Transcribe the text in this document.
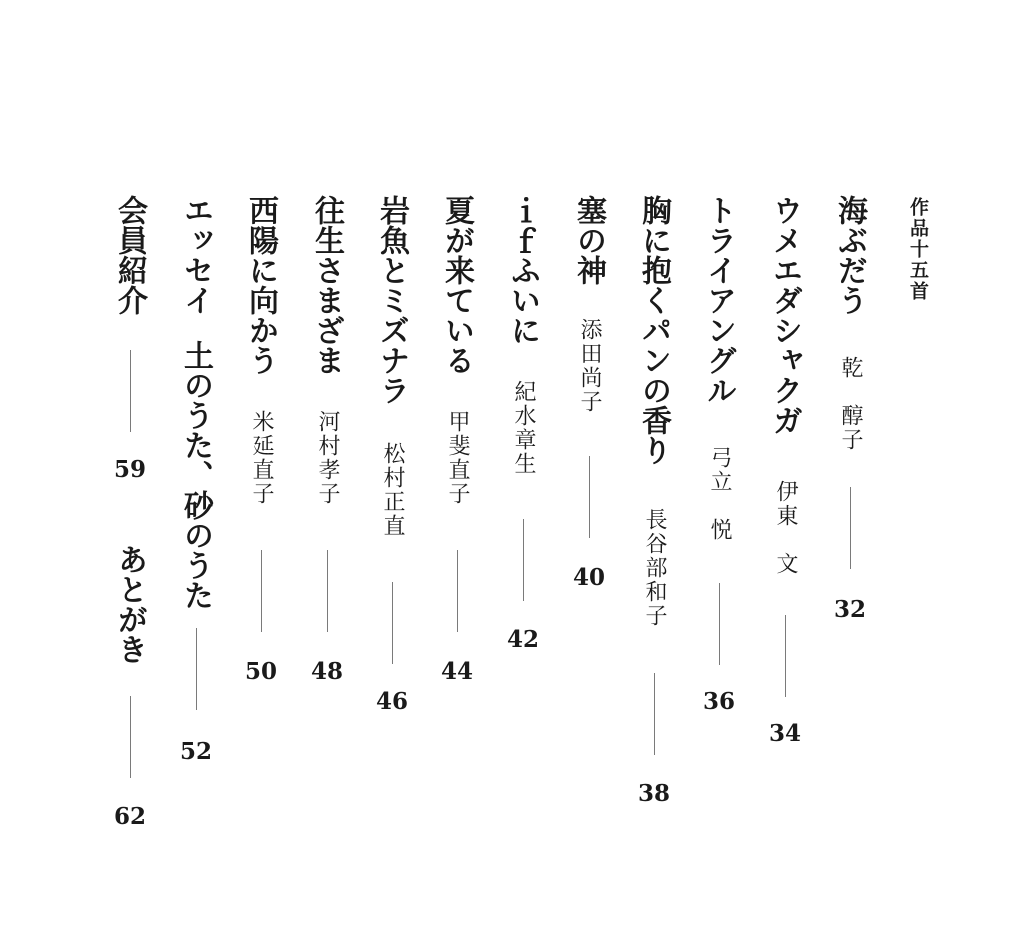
作品十五首
海ぶだう
乾　醇子
32
ウメエダシャクガ
伊東　文
34
トライアングル
弓立　悦
36
胸に抱くパンの香り
長谷部和子
38
塞の神
添田尚子
40
ｉｆふいに
紀水章生
42
夏が来ている
甲斐直子
44
岩魚とミズナラ
松村正直
46
往生さまざま
河村孝子
48
西陽に向かう
米延直子
50
エッセイ
土のうた、砂のうた
52
会員紹介
59
あとがき
62
